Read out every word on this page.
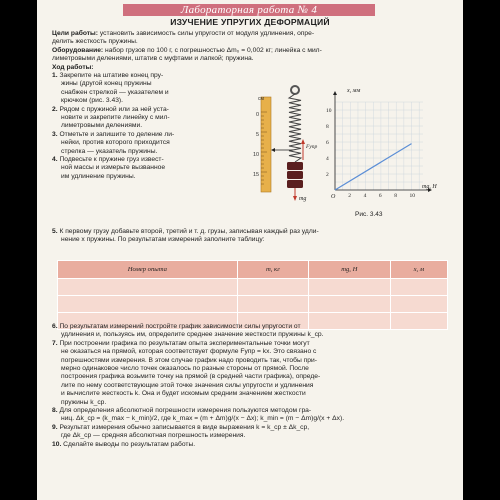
Лабораторная работа № 4
ИЗУЧЕНИЕ УПРУГИХ ДЕФОРМАЦИЙ
Цели работы: установить зависимость силы упругости от модуля удлинения, опре-
делить жесткость пружины.
Оборудование: набор грузов по 100 г, с погрешностью Δm₀ = 0,002 кг; линейка с мил-
лиметровыми делениями, штатив с муфтами и лапкой; пружина.
Ход работы:
1. Закрепите на штативе конец пру-
жины (другой конец пружины
снабжен стрелкой — указателем и
крючком (рис. 3.43).
2. Рядом с пружиной или за ней уста-
новите и закрепите линейку с мил-
лиметровыми делениями.
3. Отметьте и запишите то деление ли-
нейки, против которого приходится
стрелка — указатель пружины.
4. Подвесьте к пружине груз извест-
ной массы и измерьте вызванное
им удлинение пружины.
см
0
5
10
15
Fупр
mg	2 4 6 8 10
2
4
6
8
10
x, мм
mg, Н
O
Рис. 3.43
5. К первому грузу добавьте второй, третий и т. д. грузы, записывая каждый раз удли-
нение x пружины. По результатам измерений заполните таблицу:
Номер опыта	m, кг	mg, Н	x, м

6. По результатам измерений постройте график зависимости силы упругости от
удлинения и, пользуясь им, определите среднее значение жесткости пружины k_ср.
7. При построении графика по результатам опыта экспериментальные точки могут
не оказаться на прямой, которая соответствует формуле Fупр = kx. Это связано с
погрешностями измерения. В этом случае график надо проводить так, чтобы при-
мерно одинаковое число точек оказалось по разные стороны от прямой. После
построения графика возьмите точку на прямой (в средней части графика), опреде-
лите по нему соответствующие этой точке значения силы упругости и удлинения
и вычислите жесткость k. Она и будет искомым средним значением жесткости
пружины k_ср.
8. Для определения абсолютной погрешности измерения пользуются методом гра-
ниц. Δk_ср = (k_max − k_min)/2, где k_max = (m + Δm)g/(x − Δx); k_min = (m − Δm)g/(x + Δx).
9. Результат измерения обычно записывается в виде выражения k = k_ср ± Δk_ср,
где Δk_ср — средняя абсолютная погрешность измерения.
10. Сделайте выводы по результатам работы.
